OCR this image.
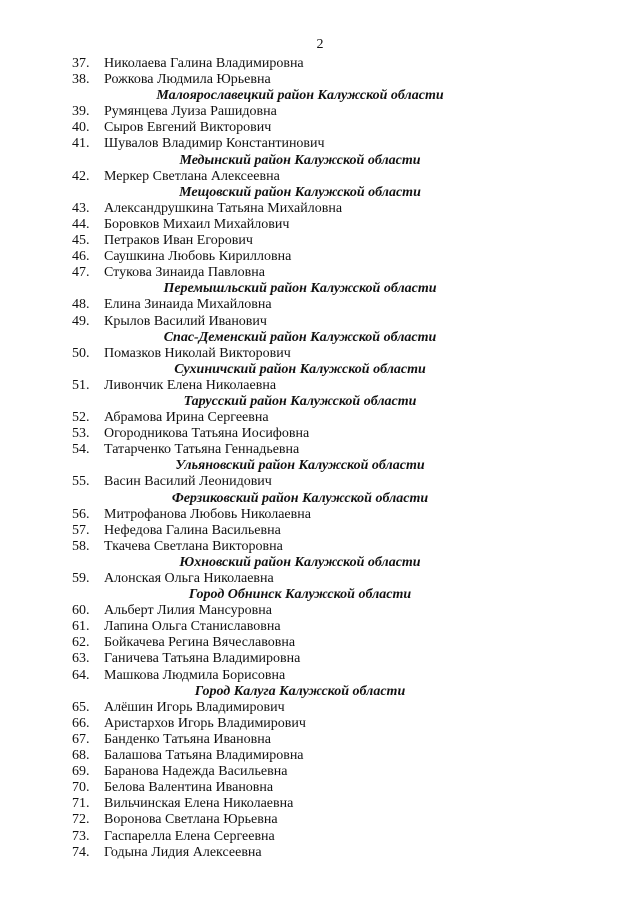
2
37.	Николаева Галина Владимировна
38.	Рожкова Людмила Юрьевна
Малоярославецкий район Калужской области
39.	Румянцева Луиза Рашидовна
40.	Сыров Евгений Викторович
41.	Шувалов Владимир Константинович
Медынский район Калужской области
42.	Меркер Светлана Алексеевна
Мещовский район Калужской области
43.	Александрушкина Татьяна Михайловна
44.	Боровков Михаил Михайлович
45.	Петраков Иван Егорович
46.	Саушкина Любовь Кирилловна
47.	Стукова Зинаида Павловна
Перемышльский район Калужской области
48.	Елина Зинаида Михайловна
49.	Крылов Василий Иванович
Спас-Деменский район Калужской области
50.	Помазков Николай Викторович
Сухиничский район Калужской области
51.	Ливончик Елена Николаевна
Тарусский район Калужской области
52.	Абрамова Ирина Сергеевна
53.	Огородникова Татьяна Иосифовна
54.	Татарченко Татьяна Геннадьевна
Ульяновский район Калужской области
55.	Васин Василий Леонидович
Ферзиковский район Калужской области
56.	Митрофанова Любовь Николаевна
57.	Нефедова Галина Васильевна
58.	Ткачева Светлана Викторовна
Юхновский район Калужской области
59.	Алонская Ольга Николаевна
Город Обнинск Калужской области
60.	Альберт Лилия Мансуровна
61.	Лапина Ольга Станиславовна
62.	Бойкачева Регина Вячеславовна
63.	Ганичева Татьяна Владимировна
64.	Машкова Людмила Борисовна
Город Калуга Калужской области
65.	Алёшин Игорь Владимирович
66.	Аристархов Игорь Владимирович
67.	Банденко Татьяна Ивановна
68.	Балашова Татьяна Владимировна
69.	Баранова Надежда Васильевна
70.	Белова Валентина Ивановна
71.	Вильчинская Елена Николаевна
72.	Воронова Светлана Юрьевна
73.	Гаспарелла Елена Сергеевна
74.	Годына Лидия Алексеевна
